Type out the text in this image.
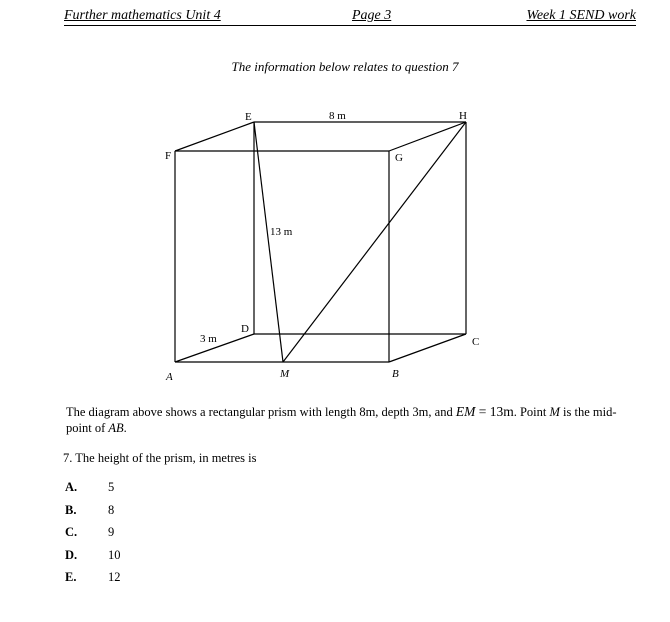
Further mathematics Unit 4	Page 3	Week 1 SEND work
The information below relates to question 7
E	H
F	G
8 m
13 m
3 m
D
C
A	M	B
The diagram above shows a rectangular prism with length 8m, depth 3m, and EM = 13m. Point M is the mid-point of AB.
7. The height of the prism, in metres is
A. 5
B.	8
C. 9
D. 10
E.	12
